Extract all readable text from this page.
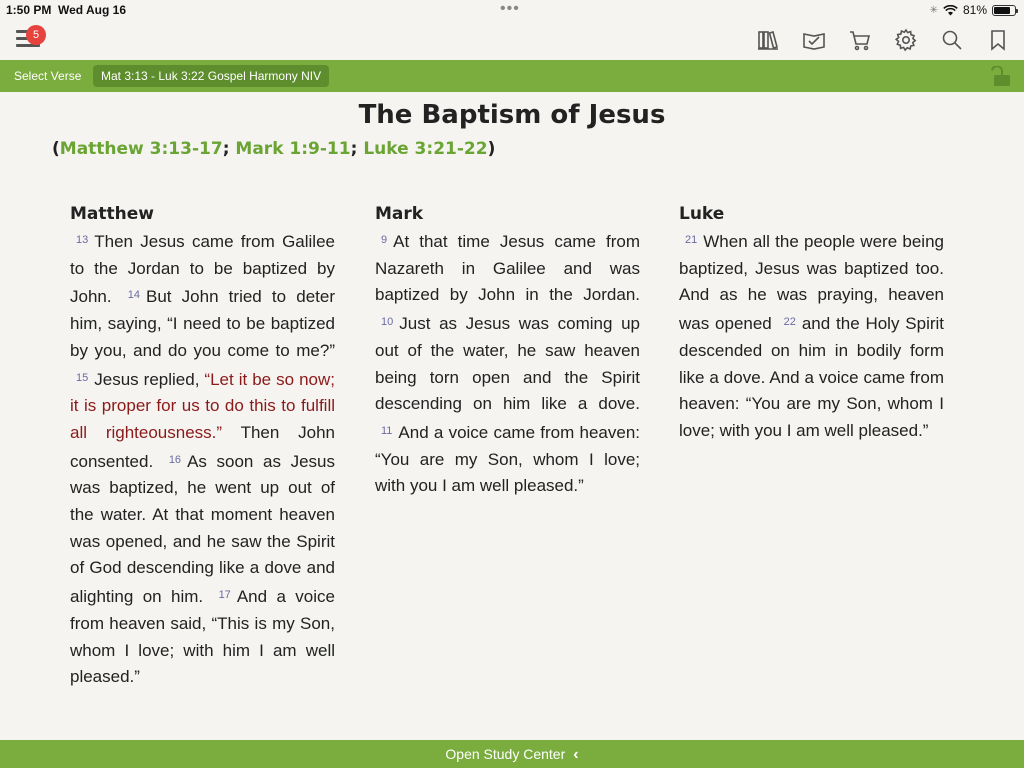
1:50 PM Wed Aug 16	•••	✳ 81%
5
Select Verse	Mat 3:13 - Luk 3:22 Gospel Harmony NIV
The Baptism of Jesus
(Matthew 3:13-17; Mark 1:9-11; Luke 3:21-22)
Matthew

$^{13}$ Then Jesus came from Galilee to the Jordan to be baptized by John. $^{14}$ But John tried to deter him, saying, “I need to be baptized by you, and do you come to me?” $^{15}$ Jesus replied, “Let it be so now; it is proper for us to do this to fulfill all righteousness.” Then John consented. $^{16}$ As soon as Jesus was baptized, he went up out of the water. At that moment heaven was opened, and he saw the Spirit of God descending like a dove and alighting on him. $^{17}$ And a voice from heaven said, “This is my Son, whom I love; with him I am well pleased.”

Mark

$^9$ At that time Jesus came from Nazareth in Galilee and was baptized by John in the Jordan. $^{10}$ Just as Jesus was coming up out of the water, he saw heaven being torn open and the Spirit descending on him like a dove. $^{11}$ And a voice came from heaven: “You are my Son, whom I love; with you I am well pleased.”

Luke

$^{21}$ When all the people were being baptized, Jesus was baptized too. And as he was praying, heaven was opened $^{22}$ and the Holy Spirit descended on him in bodily form like a dove. And a voice came from heaven: “You are my Son, whom I love; with you I am well pleased.”

Open Study Center ‹
